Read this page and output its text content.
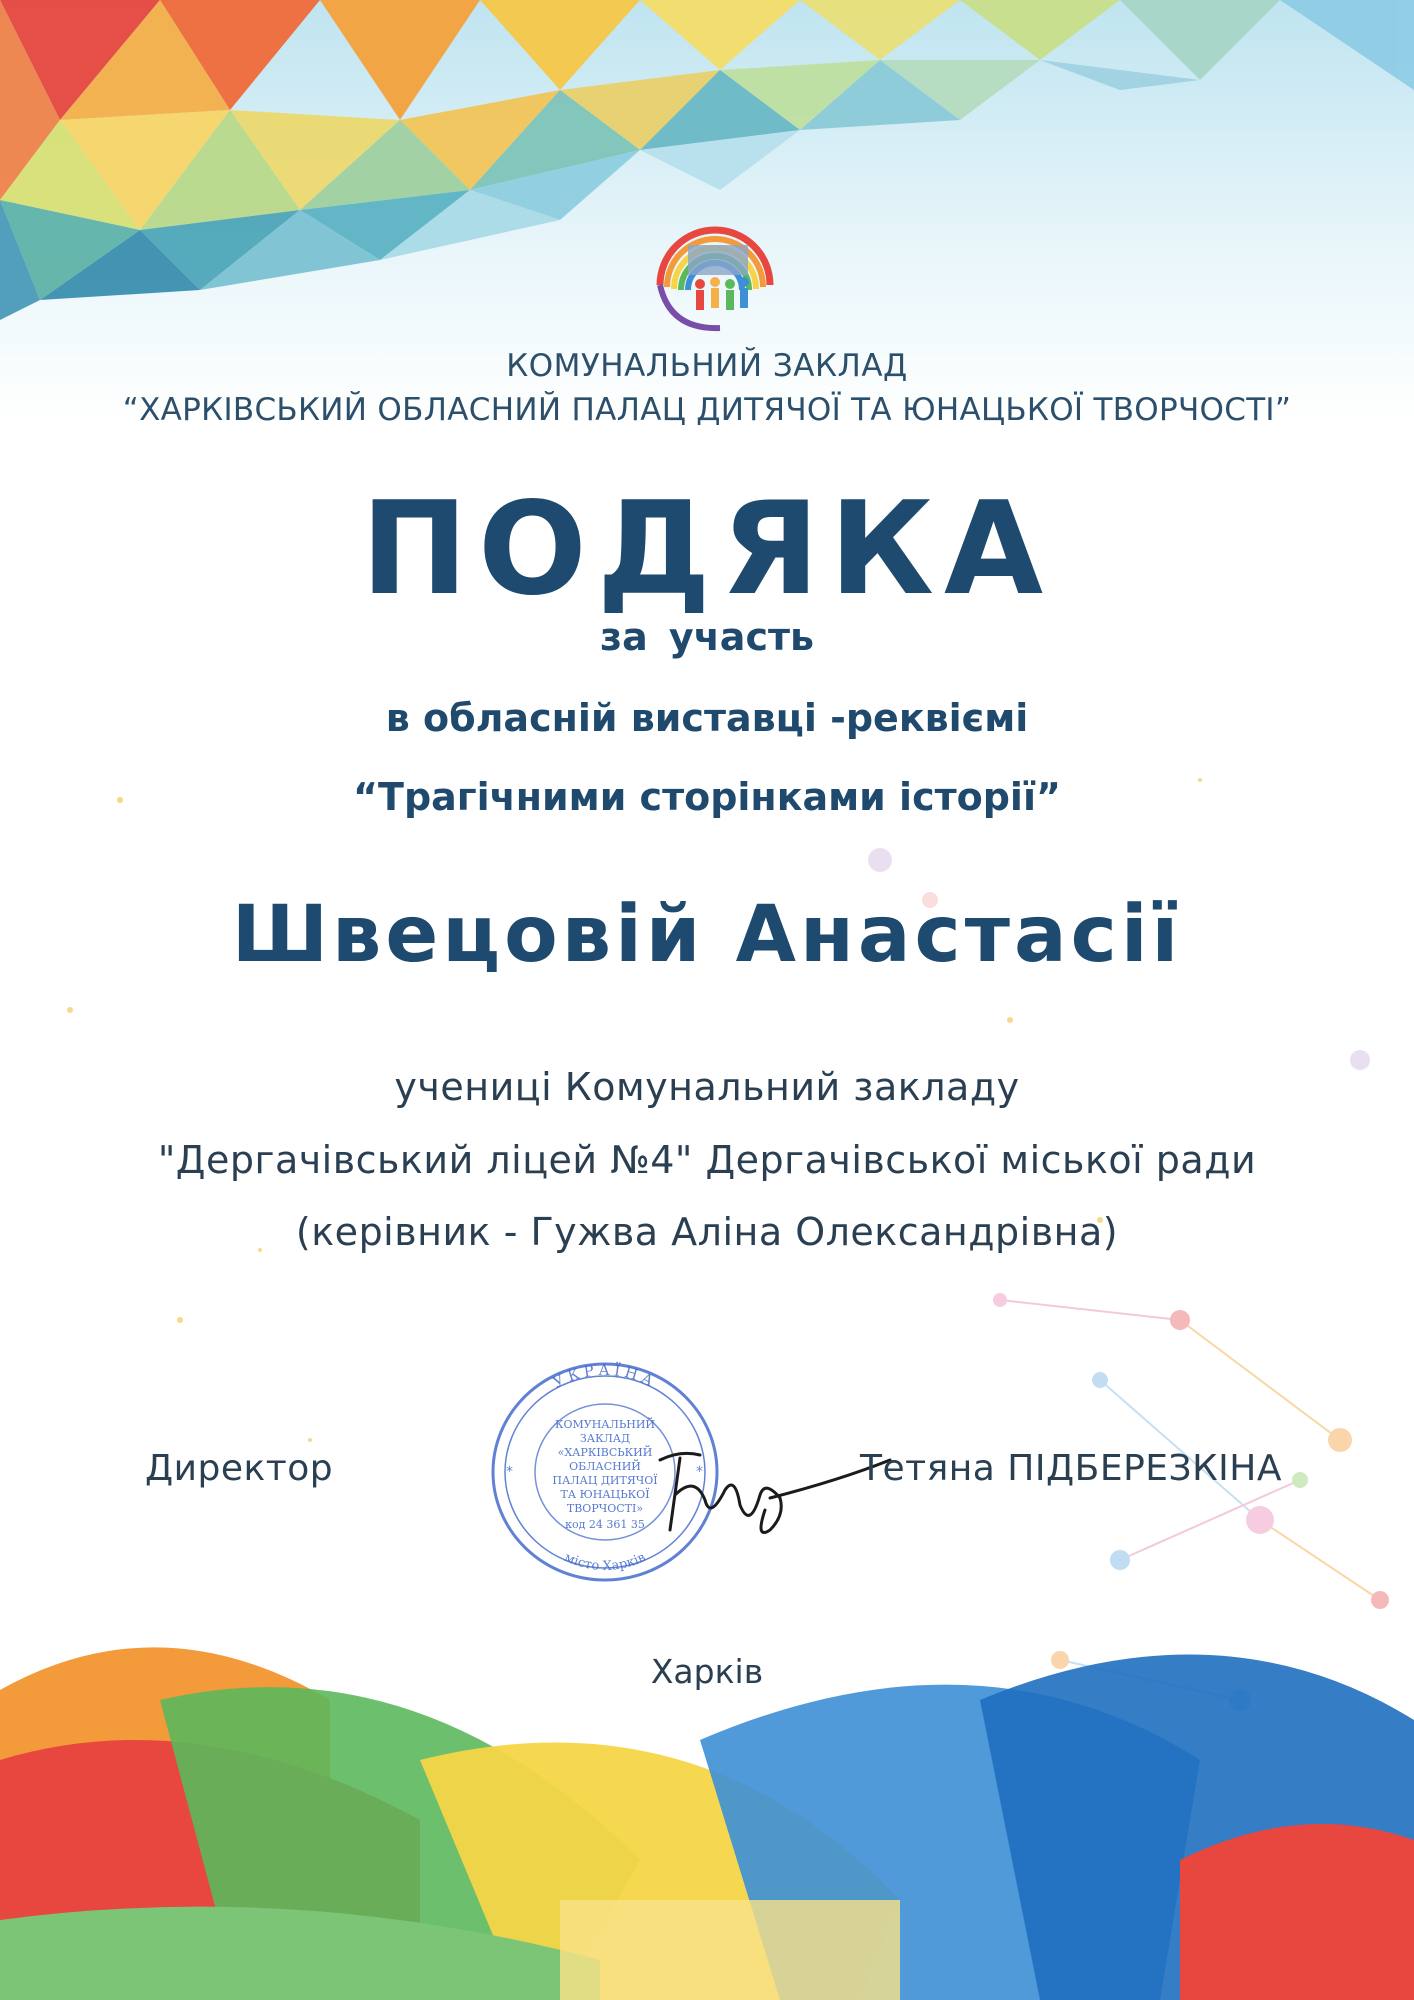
КОМУНАЛЬНИЙ ЗАКЛАД
“ХАРКІВСЬКИЙ ОБЛАСНИЙ ПАЛАЦ ДИТЯЧОЇ ТА ЮНАЦЬКОЇ ТВОРЧОСТІ”
ПОДЯКА
за участь
в обласній виставці -реквіємі
“Трагічними сторінками історії”
Швецовій Анастасії
учениці Комунальний закладу
"Дергачівський ліцей №4" Дергачівської міської ради
(керівник - Гужва Аліна Олександрівна)
УКРАЇНА
місто Харків
КОМУНАЛЬНИЙ
ЗАКЛАД
«ХАРКІВСЬКИЙ
ОБЛАСНИЙ
ПАЛАЦ ДИТЯЧОЇ
ТА ЮНАЦЬКОЇ
ТВОРЧОСТІ»
код 24 361 35
*	*
Директор	Тетяна ПІДБЕРЕЗКІНА
Харків
